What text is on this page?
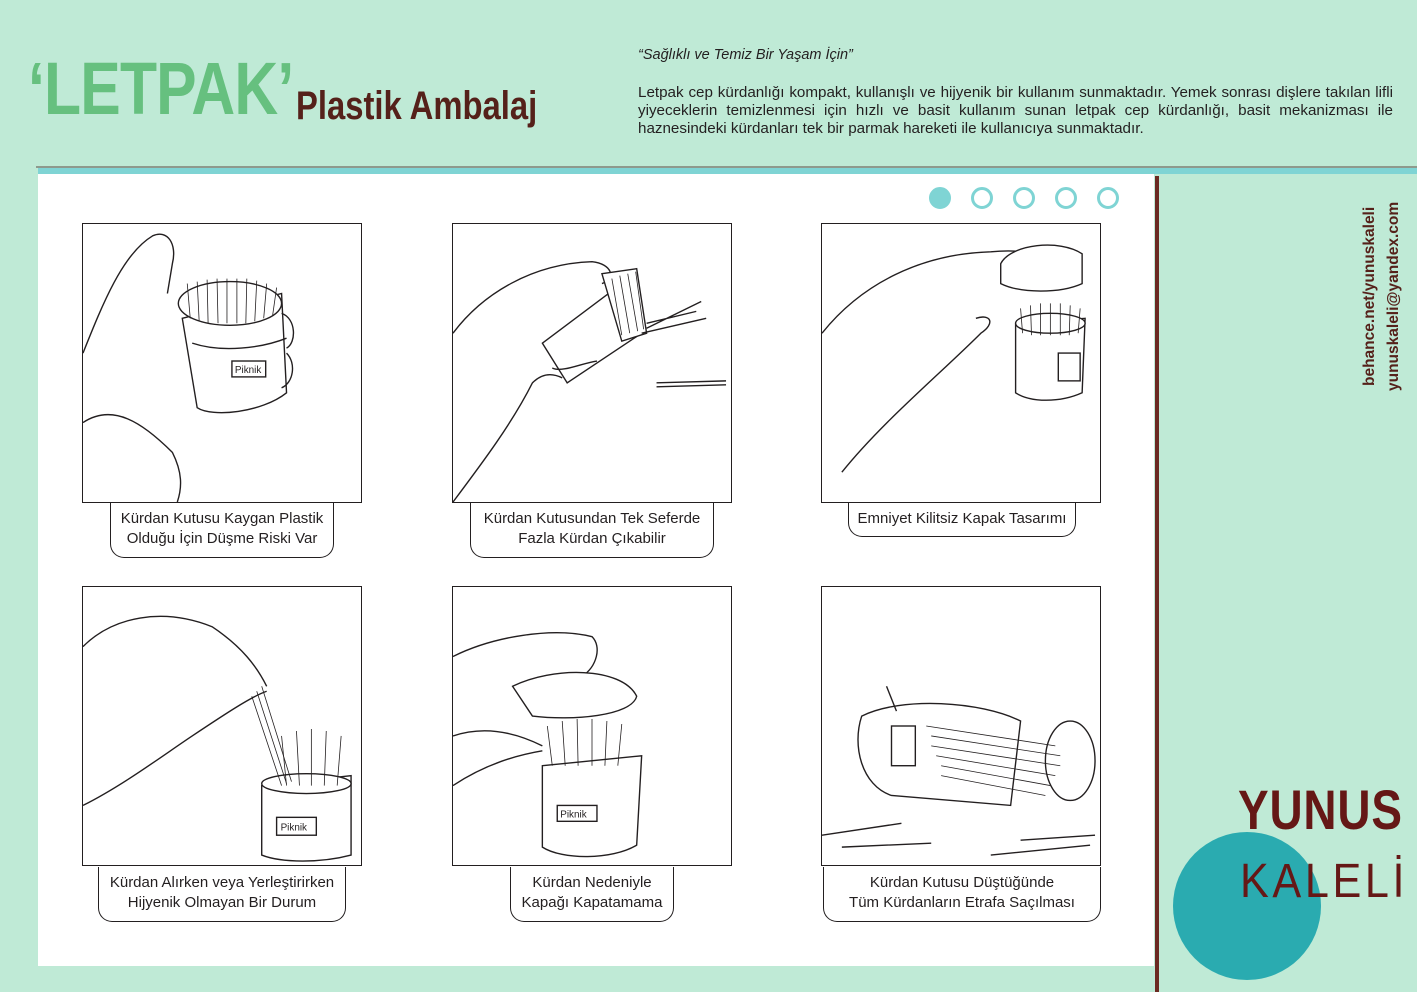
‘LETPAK’ Plastik Ambalaj
“Sağlıklı ve Temiz Bir Yaşam İçin”
Letpak cep kürdanlığı kompakt, kullanışlı ve hijyenik bir kullanım sunmaktadır. Yemek sonrası dişlere takılan lifli yiyeceklerin temizlenmesi için hızlı ve basit kullanım sunan letpak cep kürdanlığı, basit mekanizması ile haznesindeki kürdanları tek bir parmak hareketi ile kullanıcıya sunmaktadır.
Piknik
Kürdan Kutusu Kaygan Plastik
Olduğu İçin Düşme Riski Var
Kürdan Kutusundan Tek Seferde
Fazla Kürdan Çıkabilir
Emniyet Kilitsiz Kapak Tasarımı
Piknik
Kürdan Alırken veya Yerleştirirken
Hijyenik Olmayan Bir Durum
Piknik
Kürdan Nedeniyle
Kapağı Kapatamama
Kürdan Kutusu Düştüğünde
Tüm Kürdanların Etrafa Saçılması
behance.net/yunuskaleli yunuskaleli@yandex.com
YUNUS
KALELİ
